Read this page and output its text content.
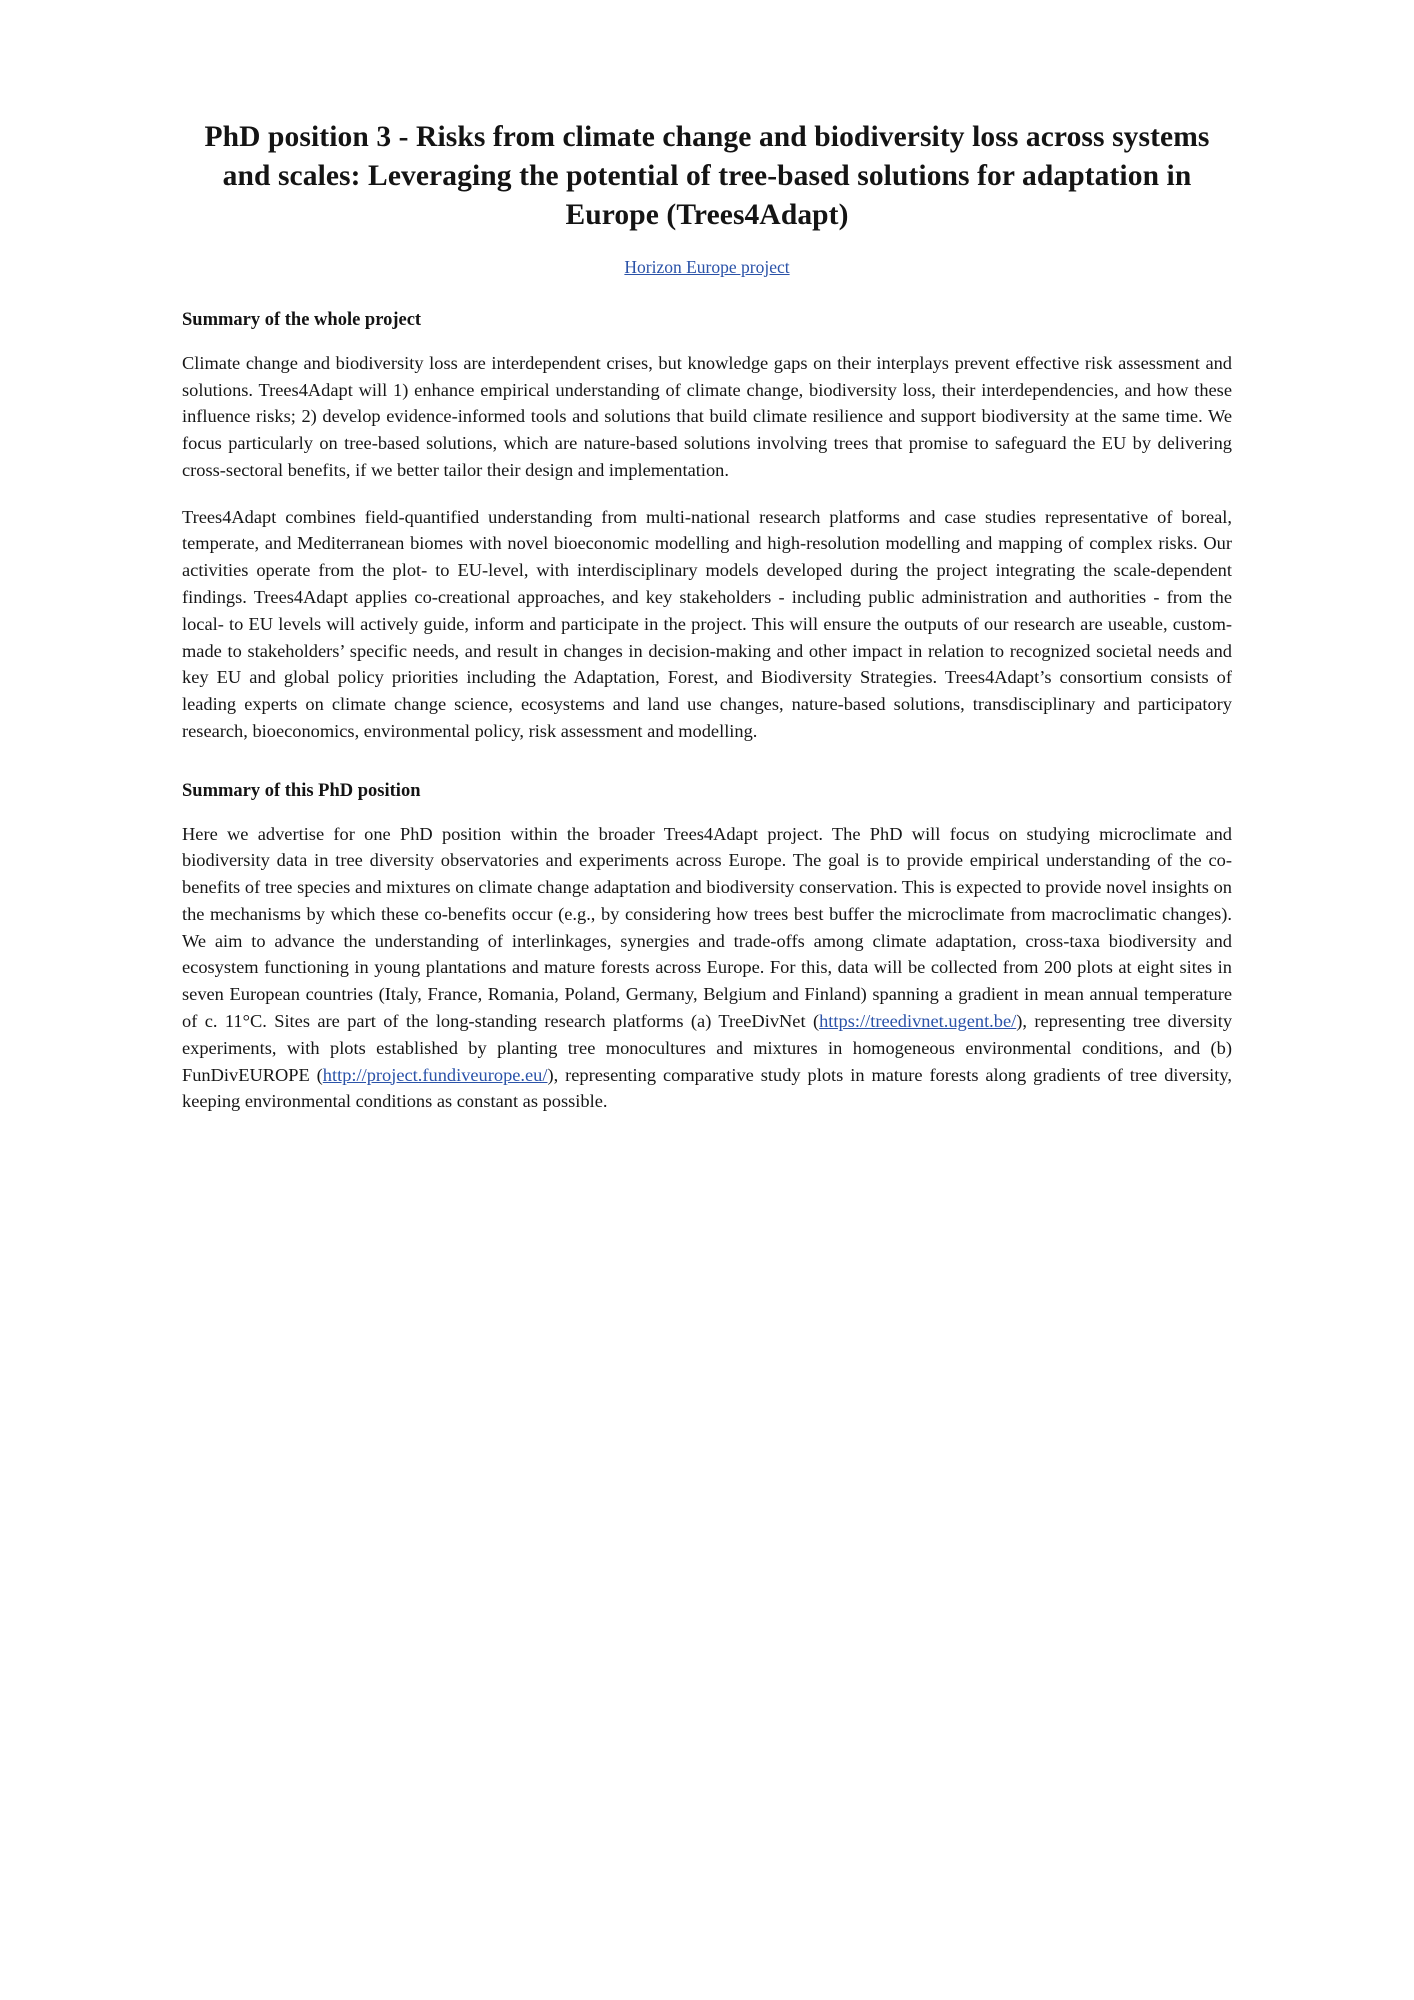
PhD position 3 - Risks from climate change and biodiversity loss across systems and scales: Leveraging the potential of tree-based solutions for adaptation in Europe (Trees4Adapt)
Horizon Europe project
Summary of the whole project

Climate change and biodiversity loss are interdependent crises, but knowledge gaps on their interplays prevent effective risk assessment and solutions. Trees4Adapt will 1) enhance empirical understanding of climate change, biodiversity loss, their interdependencies, and how these influence risks; 2) develop evidence-informed tools and solutions that build climate resilience and support biodiversity at the same time. We focus particularly on tree-based solutions, which are nature-based solutions involving trees that promise to safeguard the EU by delivering cross-sectoral benefits, if we better tailor their design and implementation.

Trees4Adapt combines field-quantified understanding from multi-national research platforms and case studies representative of boreal, temperate, and Mediterranean biomes with novel bioeconomic modelling and high-resolution modelling and mapping of complex risks. Our activities operate from the plot- to EU-level, with interdisciplinary models developed during the project integrating the scale-dependent findings. Trees4Adapt applies co-creational approaches, and key stakeholders - including public administration and authorities - from the local- to EU levels will actively guide, inform and participate in the project. This will ensure the outputs of our research are useable, custom-made to stakeholders’ specific needs, and result in changes in decision-making and other impact in relation to recognized societal needs and key EU and global policy priorities including the Adaptation, Forest, and Biodiversity Strategies. Trees4Adapt’s consortium consists of leading experts on climate change science, ecosystems and land use changes, nature-based solutions, transdisciplinary and participatory research, bioeconomics, environmental policy, risk assessment and modelling.

Summary of this PhD position

Here we advertise for one PhD position within the broader Trees4Adapt project. The PhD will focus on studying microclimate and biodiversity data in tree diversity observatories and experiments across Europe. The goal is to provide empirical understanding of the co-benefits of tree species and mixtures on climate change adaptation and biodiversity conservation. This is expected to provide novel insights on the mechanisms by which these co-benefits occur (e.g., by considering how trees best buffer the microclimate from macroclimatic changes). We aim to advance the understanding of interlinkages, synergies and trade-offs among climate adaptation, cross-taxa biodiversity and ecosystem functioning in young plantations and mature forests across Europe. For this, data will be collected from 200 plots at eight sites in seven European countries (Italy, France, Romania, Poland, Germany, Belgium and Finland) spanning a gradient in mean annual temperature of c. 11°C. Sites are part of the long-standing research platforms (a) TreeDivNet (https://treedivnet.ugent.be/), representing tree diversity experiments, with plots established by planting tree monocultures and mixtures in homogeneous environmental conditions, and (b) FunDivEUROPE (http://project.fundiveurope.eu/), representing comparative study plots in mature forests along gradients of tree diversity, keeping environmental conditions as constant as possible.
